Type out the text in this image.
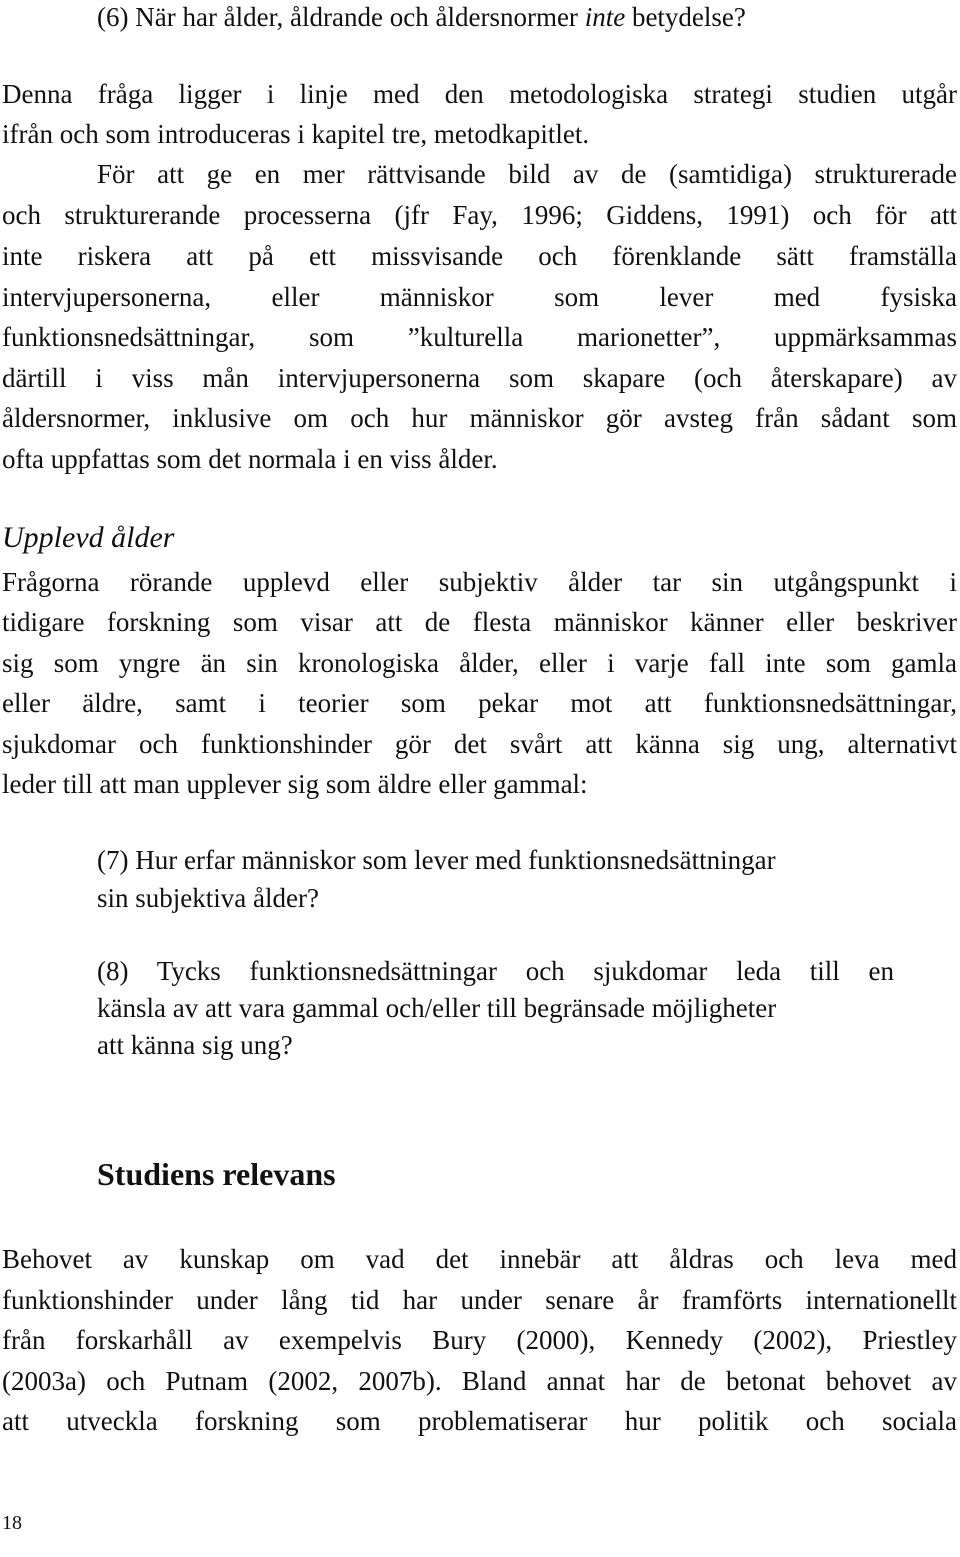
(6) När har ålder, åldrande och åldersnormer inte betydelse?
Denna fråga ligger i linje med den metodologiska strategi studien utgår
ifrån och som introduceras i kapitel tre, metodkapitlet.
För att ge en mer rättvisande bild av de (samtidiga) strukturerade
och strukturerande processerna (jfr Fay, 1996; Giddens, 1991) och för att
inte riskera att på ett missvisande och förenklande sätt framställa
intervjupersonerna, eller människor som lever med fysiska
funktionsnedsättningar, som ”kulturella marionetter”, uppmärksammas
därtill i viss mån intervjupersonerna som skapare (och återskapare) av
åldersnormer, inklusive om och hur människor gör avsteg från sådant som
ofta uppfattas som det normala i en viss ålder.
Upplevd ålder
Frågorna rörande upplevd eller subjektiv ålder tar sin utgångspunkt i
tidigare forskning som visar att de flesta människor känner eller beskriver
sig som yngre än sin kronologiska ålder, eller i varje fall inte som gamla
eller äldre, samt i teorier som pekar mot att funktionsnedsättningar,
sjukdomar och funktionshinder gör det svårt att känna sig ung, alternativt
leder till att man upplever sig som äldre eller gammal:
(7) Hur erfar människor som lever med funktionsnedsättningar
sin subjektiva ålder?
(8) Tycks funktionsnedsättningar och sjukdomar leda till en
känsla av att vara gammal och/eller till begränsade möjligheter
att känna sig ung?
Studiens relevans
Behovet av kunskap om vad det innebär att åldras och leva med
funktionshinder under lång tid har under senare år framförts internationellt
från forskarhåll av exempelvis Bury (2000), Kennedy (2002), Priestley
(2003a) och Putnam (2002, 2007b). Bland annat har de betonat behovet av
att utveckla forskning som problematiserar hur politik och sociala
18
